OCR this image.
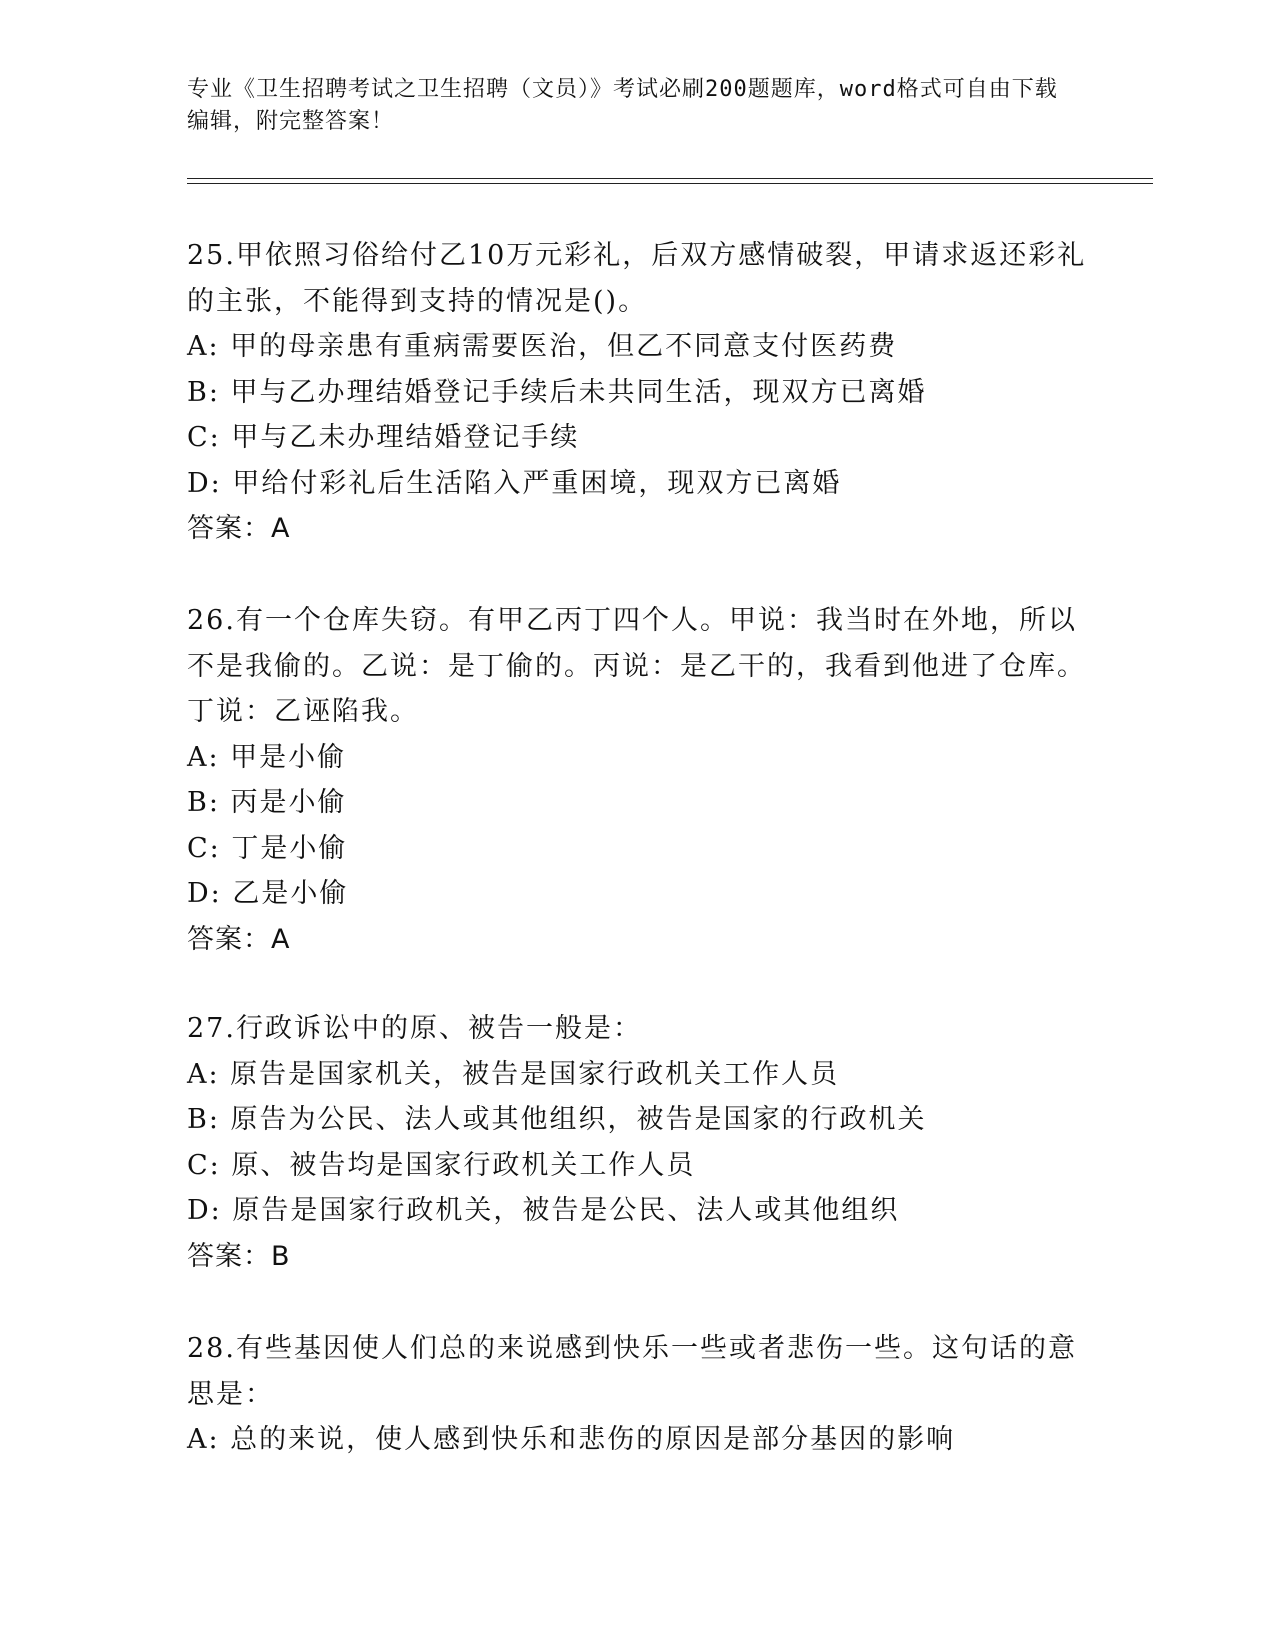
专业《卫生招聘考试之卫生招聘（文员）》考试必刷200题题库，word格式可自由下载编辑，附完整答案！
25.甲依照习俗给付乙10万元彩礼，后双方感情破裂，甲请求返还彩礼的主张，不能得到支持的情况是()。
A: 甲的母亲患有重病需要医治，但乙不同意支付医药费
B: 甲与乙办理结婚登记手续后未共同生活，现双方已离婚
C: 甲与乙未办理结婚登记手续
D: 甲给付彩礼后生活陷入严重困境，现双方已离婚
答案：A
26.有一个仓库失窃。有甲乙丙丁四个人。甲说：我当时在外地，所以不是我偷的。乙说：是丁偷的。丙说：是乙干的，我看到他进了仓库。丁说：乙诬陷我。
A: 甲是小偷
B: 丙是小偷
C: 丁是小偷
D: 乙是小偷
答案：A
27.行政诉讼中的原、被告一般是：
A: 原告是国家机关，被告是国家行政机关工作人员
B: 原告为公民、法人或其他组织，被告是国家的行政机关
C: 原、被告均是国家行政机关工作人员
D: 原告是国家行政机关，被告是公民、法人或其他组织
答案：B
28.有些基因使人们总的来说感到快乐一些或者悲伤一些。这句话的意思是：
A: 总的来说，使人感到快乐和悲伤的原因是部分基因的影响
